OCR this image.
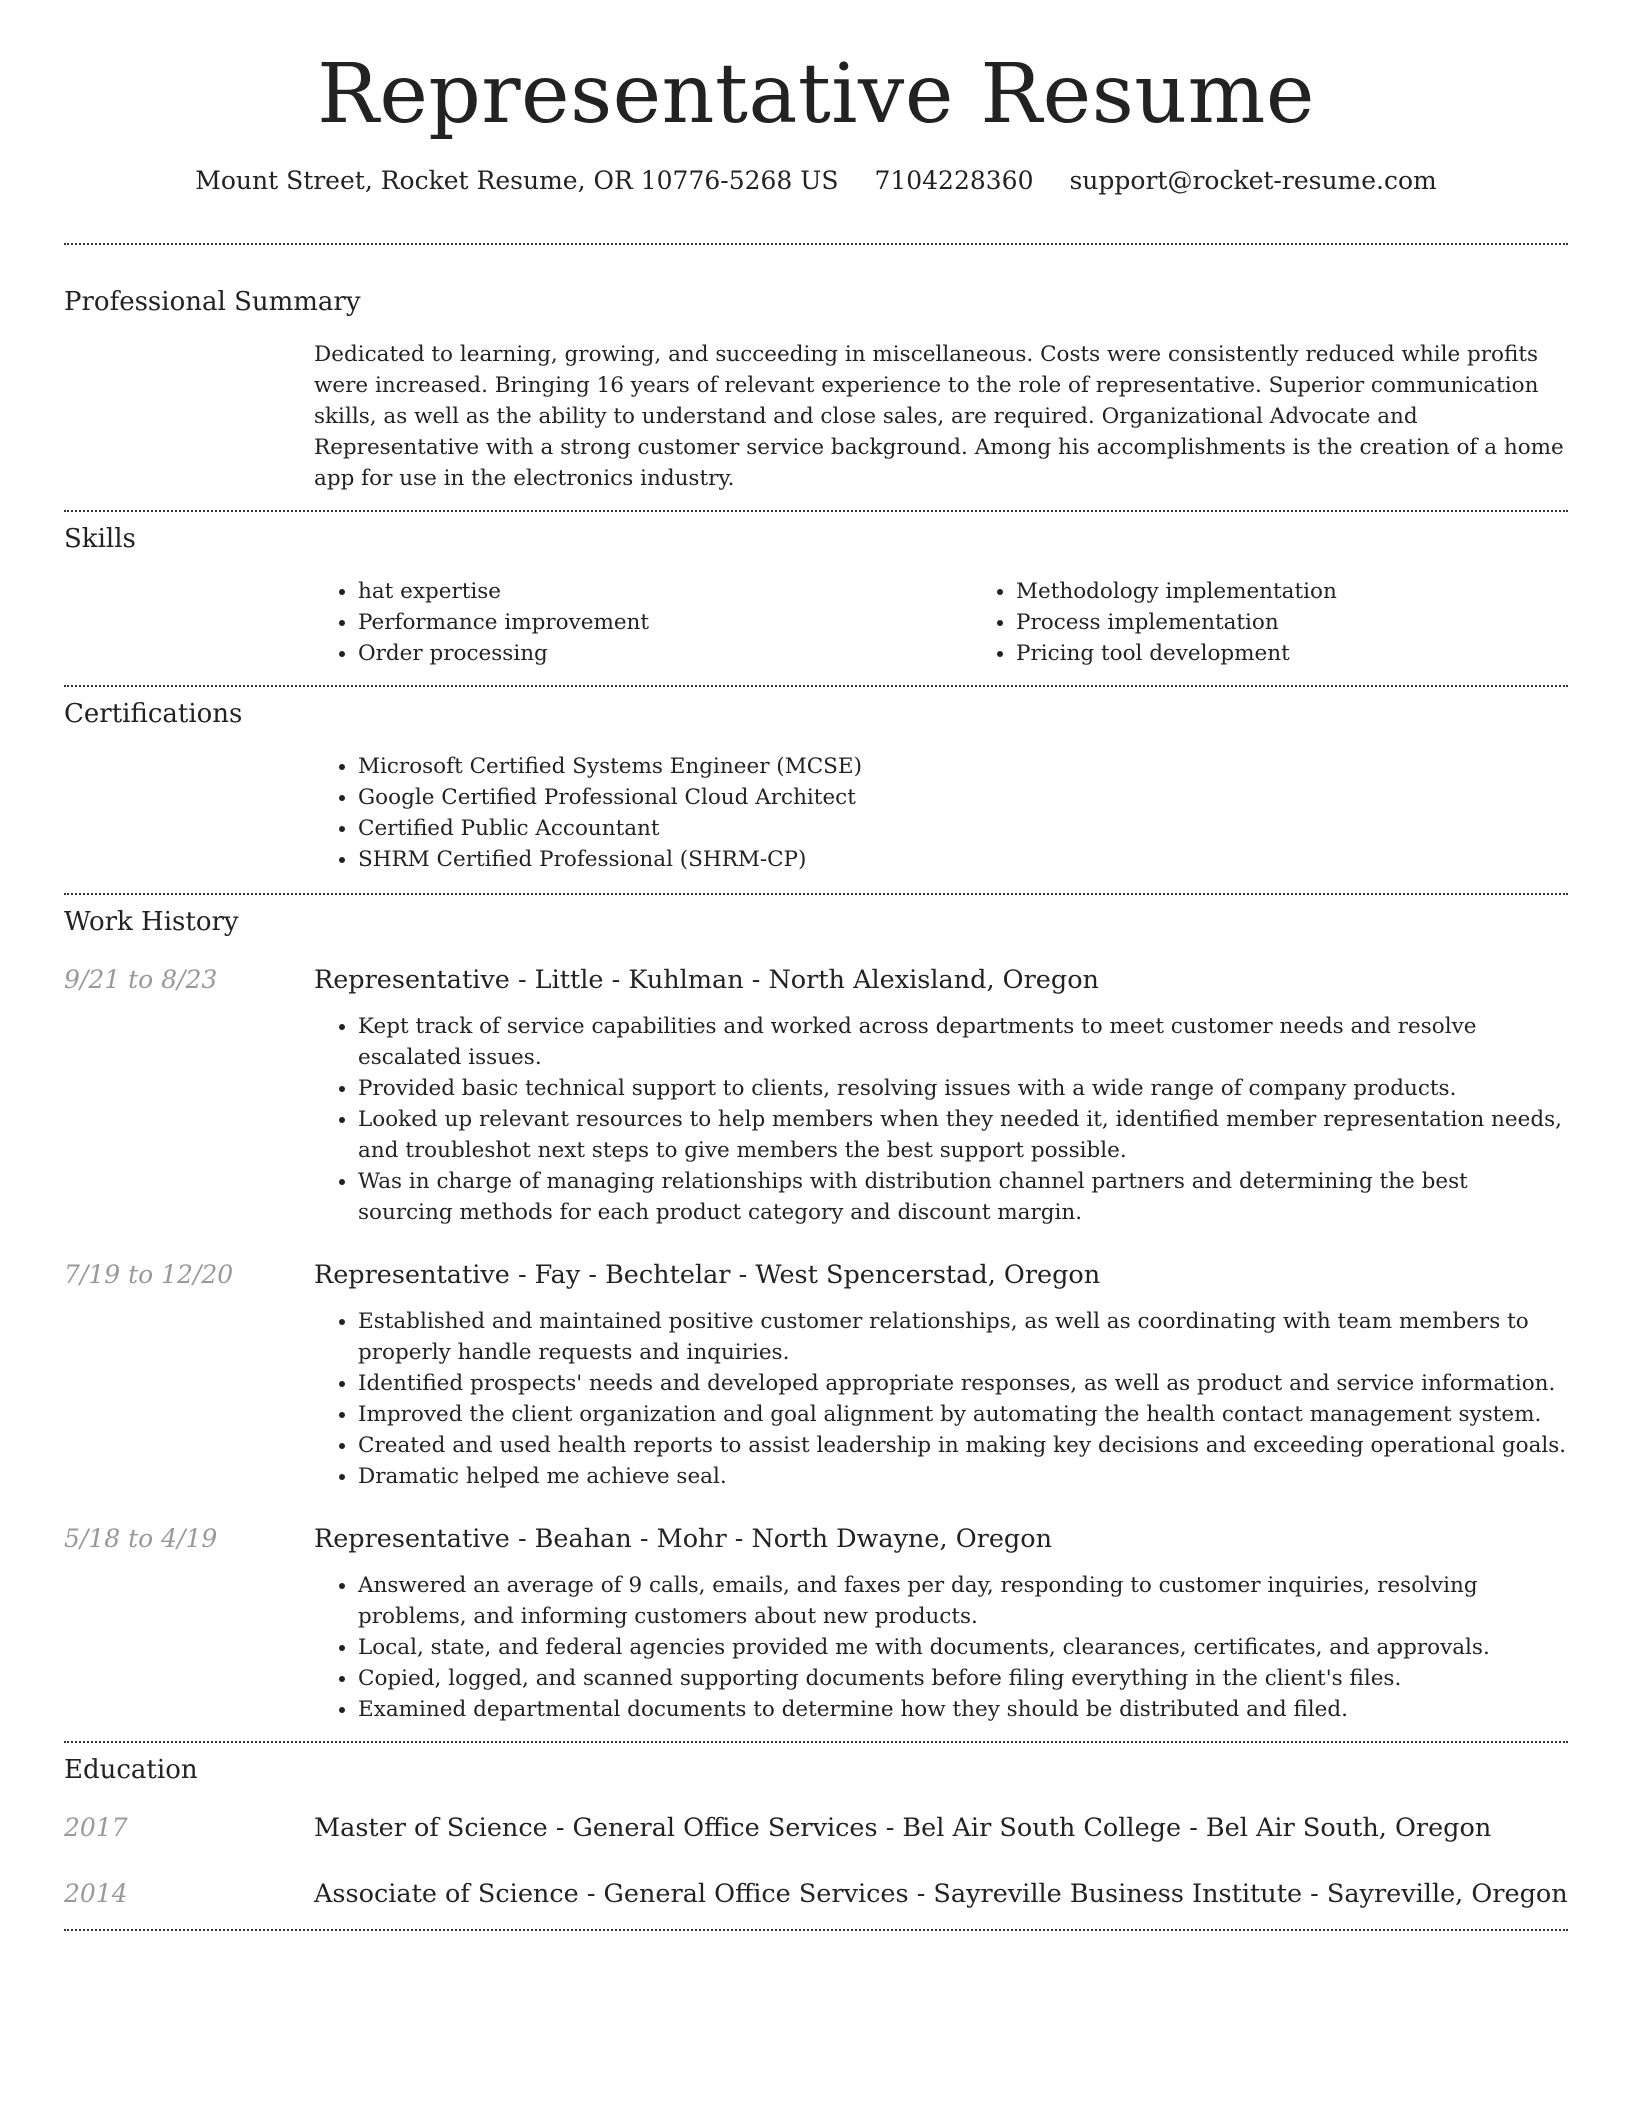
Representative Resume
Mount Street, Rocket Resume, OR 10776-5268 US 7104228360 support@rocket-resume.com
Professional Summary

Dedicated to learning, growing, and succeeding in miscellaneous. Costs were consistently reduced while profits were increased. Bringing 16 years of relevant experience to the role of representative. Superior communication skills, as well as the ability to understand and close sales, are required. Organizational Advocate and Representative with a strong customer service background. Among his accomplishments is the creation of a home app for use in the electronics industry.

Skills
• hat expertise
• Performance improvement
• Order processing
• Methodology implementation
• Process implementation
• Pricing tool development
Certifications
• Microsoft Certified Systems Engineer (MCSE)
• Google Certified Professional Cloud Architect
• Certified Public Accountant
• SHRM Certified Professional (SHRM-CP)
Work History
9/21 to 8/23	Representative - Little - Kuhlman - North Alexisland, Oregon
• Kept track of service capabilities and worked across departments to meet customer needs and resolve escalated issues.
• Provided basic technical support to clients, resolving issues with a wide range of company products.
• Looked up relevant resources to help members when they needed it, identified member representation needs, and troubleshot next steps to give members the best support possible.
• Was in charge of managing relationships with distribution channel partners and determining the best sourcing methods for each product category and discount margin.
7/19 to 12/20	Representative - Fay - Bechtelar - West Spencerstad, Oregon
• Established and maintained positive customer relationships, as well as coordinating with team members to properly handle requests and inquiries.
• Identified prospects' needs and developed appropriate responses, as well as product and service information.
• Improved the client organization and goal alignment by automating the health contact management system.
• Created and used health reports to assist leadership in making key decisions and exceeding operational goals.
• Dramatic helped me achieve seal.
5/18 to 4/19	Representative - Beahan - Mohr - North Dwayne, Oregon
• Answered an average of 9 calls, emails, and faxes per day, responding to customer inquiries, resolving problems, and informing customers about new products.
• Local, state, and federal agencies provided me with documents, clearances, certificates, and approvals.
• Copied, logged, and scanned supporting documents before filing everything in the client's files.
• Examined departmental documents to determine how they should be distributed and filed.
Education
2017	Master of Science - General Office Services - Bel Air South College - Bel Air South, Oregon
2014	Associate of Science - General Office Services - Sayreville Business Institute - Sayreville, Oregon
